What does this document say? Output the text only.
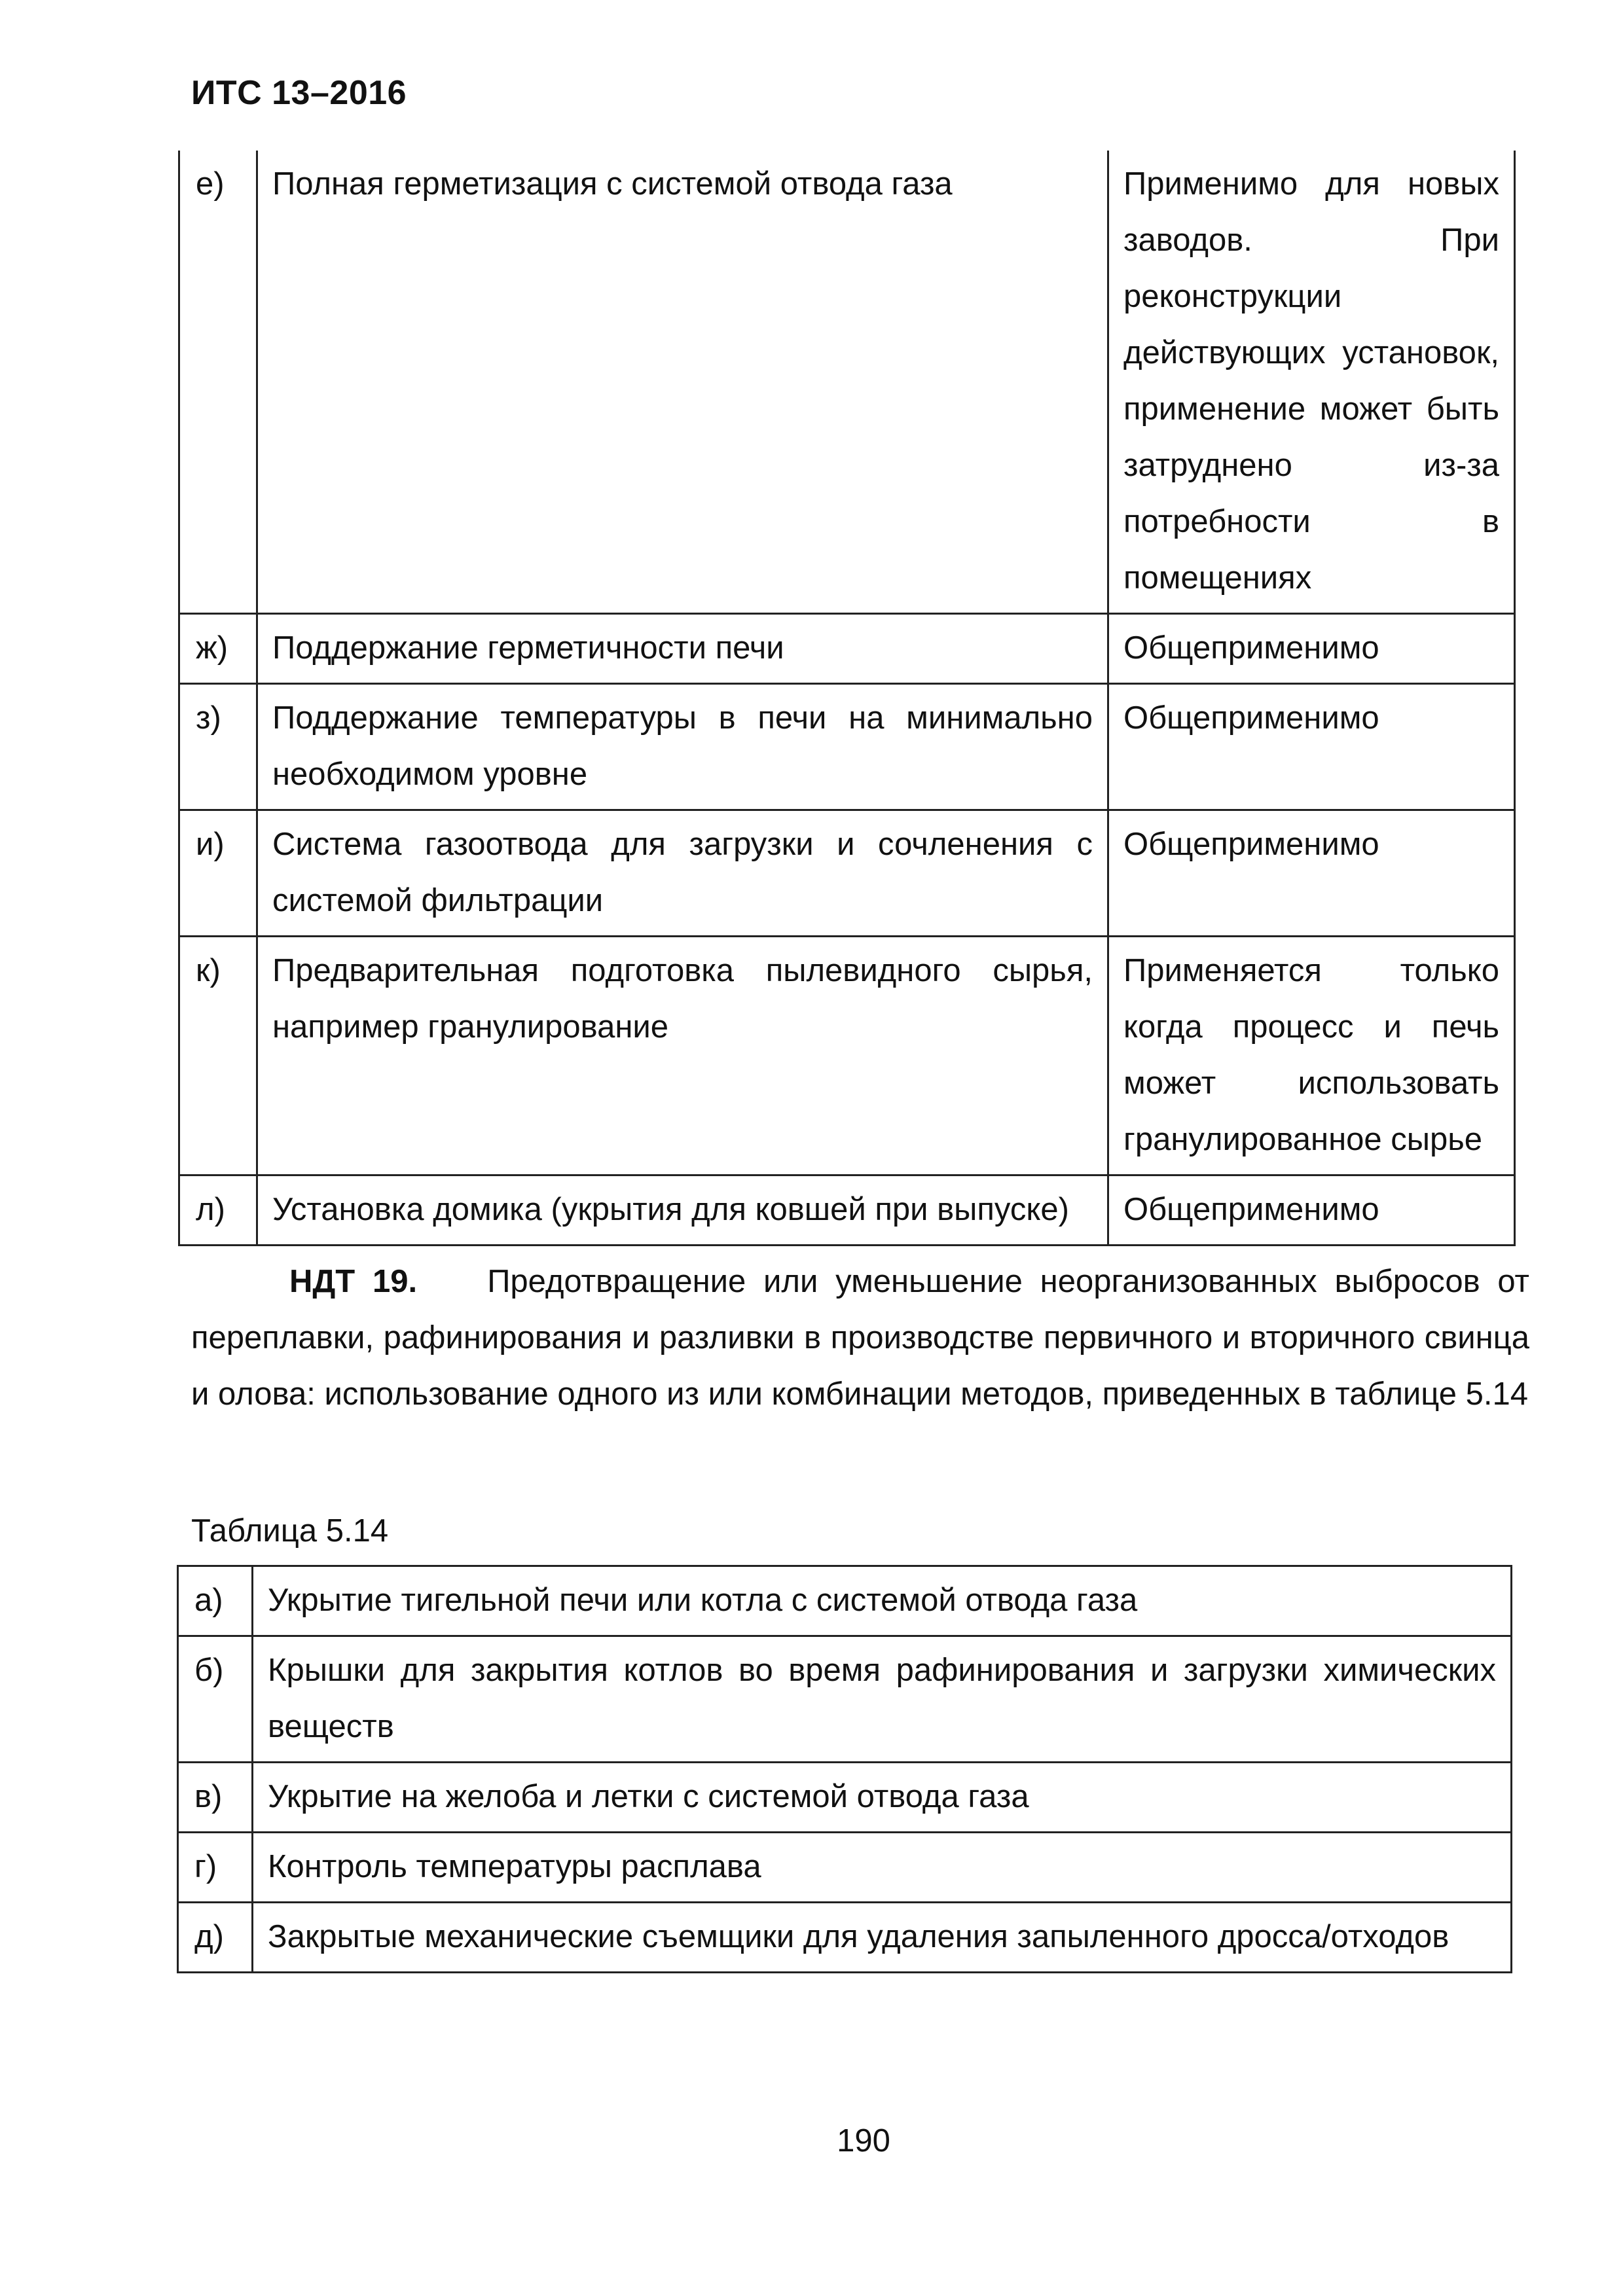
ИТС 13–2016
е)	Полная герметизация с системой отвода газа	Применимо для новых заводов. При реконструкции действующих установок, применение может быть затруднено из-за потребности в помещениях
ж)	Поддержание герметичности печи	Общеприменимо
з)	Поддержание температуры в печи на минимально необходимом уровне	Общеприменимо
и)	Система газоотвода для загрузки и сочленения с системой фильтрации	Общеприменимо
к)	Предварительная подготовка пылевидного сырья, например гранулирование	Применяется только когда процесс и печь может использовать гранулированное сырье
л)	Установка домика (укрытия для ковшей при выпуске)	Общеприменимо

НДТ 19. Предотвращение или уменьшение неорганизованных выбросов от переплавки, рафинирования и разливки в производстве первичного и вторичного свинца и олова: использование одного из или комбинации методов, приведенных в таблице 5.14

Таблица 5.14
а)	Укрытие тигельной печи или котла с системой отвода газа
б)	Крышки для закрытия котлов во время рафинирования и загрузки химических веществ
в)	Укрытие на желоба и летки с системой отвода газа
г)	Контроль температуры расплава
д)	Закрытые механические съемщики для удаления запыленного дросса/отходов
190
